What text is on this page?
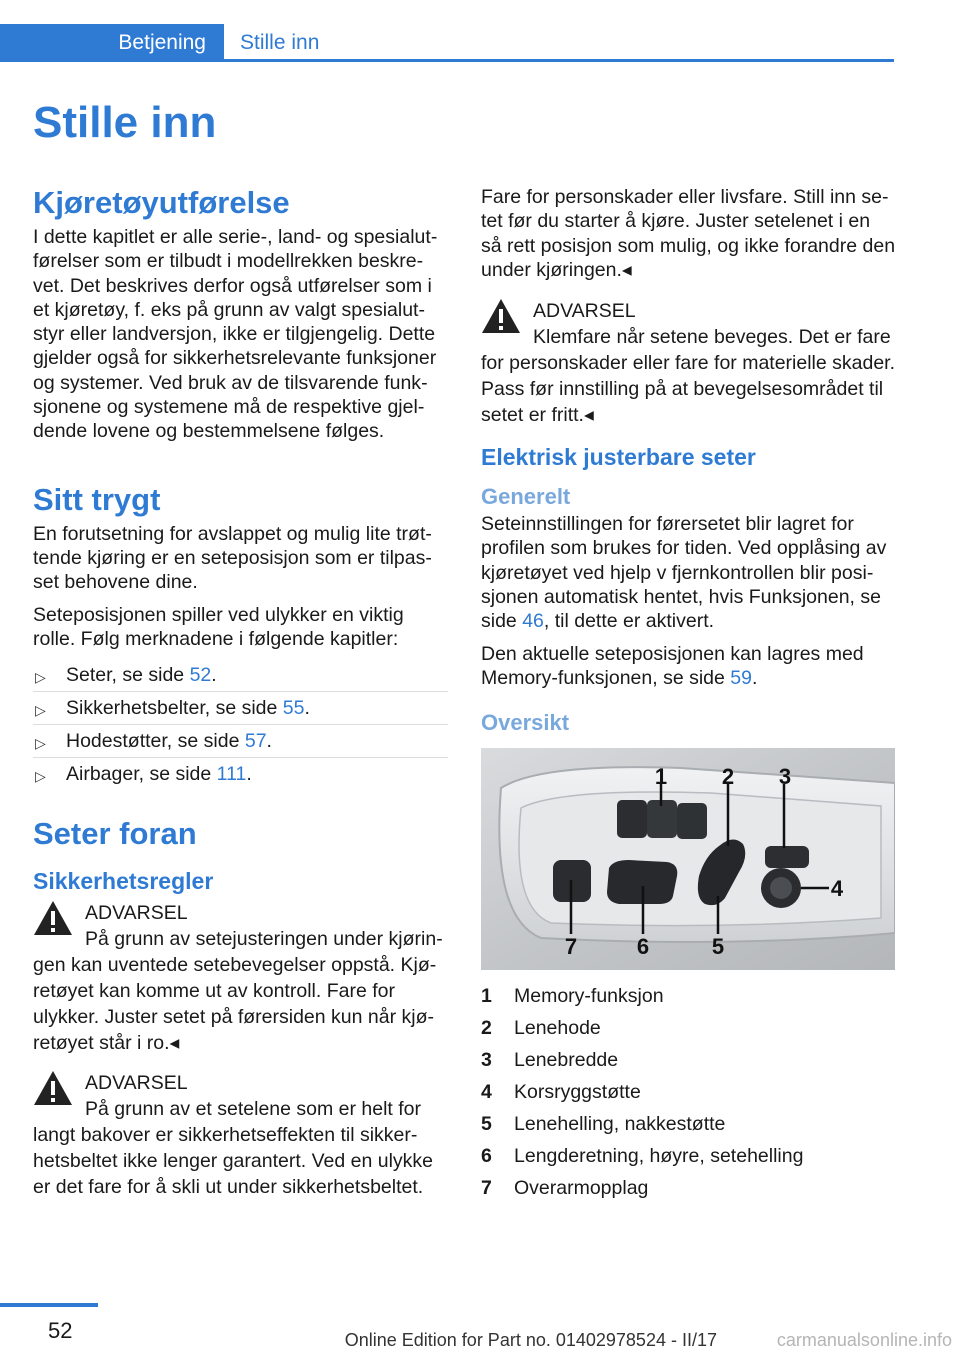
Betjening Stille inn
Stille inn
Kjøretøyutførelse

I dette kapitlet er alle serie-, land- og spesialutførelser som er tilbudt i modellrekken beskrevet. Det beskrives derfor også utførelser som i et kjøretøy, f. eks på grunn av valgt spesialutstyr eller landversjon, ikke er tilgjengelig. Dette gjelder også for sikkerhetsrelevante funksjoner og systemer. Ved bruk av de tilsvarende funksjonene og systemene må de respektive gjeldende lovene og bestemmelsene følges.

Sitt trygt

En forutsetning for avslappet og mulig lite trøttende kjøring er en seteposisjon som er tilpasset behovene dine.

Seteposisjonen spiller ved ulykker en viktig rolle. Følg merknadene i følgende kapitler:

▷ Seter, se side 52.
▷ Sikkerhetsbelter, se side 55.
▷ Hodestøtter, se side 57.
▷ Airbager, se side 111.
Seter foran
Sikkerhetsregler
ADVARSEL
På grunn av setejusteringen under kjøringen kan uventede setebevegelser oppstå. Kjøretøyet kan komme ut av kontroll. Fare for ulykker. Juster setet på førersiden kun når kjøretøyet står i ro.◂
ADVARSEL
På grunn av et setelene som er helt for langt bakover er sikkerhetseffekten til sikkerhetsbeltet ikke lenger garantert. Ved en ulykke er det fare for å skli ut under sikkerhetsbeltet.

Fare for personskader eller livsfare. Still inn setet før du starter å kjøre. Juster setelenet i en så rett posisjon som mulig, og ikke forandre den under kjøringen.◂

ADVARSEL
Klemfare når setene beveges. Det er fare for personskader eller fare for materielle skader. Pass før innstilling på at bevegelsesområdet til setet er fritt.◂
Elektrisk justerbare seter
Generelt

Seteinnstillingen for førersetet blir lagret for profilen som brukes for tiden. Ved opplåsing av kjøretøyet ved hjelp v fjernkontrollen blir posisjonen automatisk hentet, hvis Funksjonen, se side 46, til dette er aktivert.

Den aktuelle seteposisjonen kan lagres med Memory-funksjonen, se side 59.

Oversikt
1 2 3
4
5
6
7
1 Memory-funksjon
2 Lenehode
3 Lenebredde
4 Korsryggstøtte
5 Lenehelling, nakkestøtte
6 Lengderetning, høyre, setehelling
7 Overarmopplag
52	Online Edition for Part no. 01402978524 - II/17	carmanualsonline.info
